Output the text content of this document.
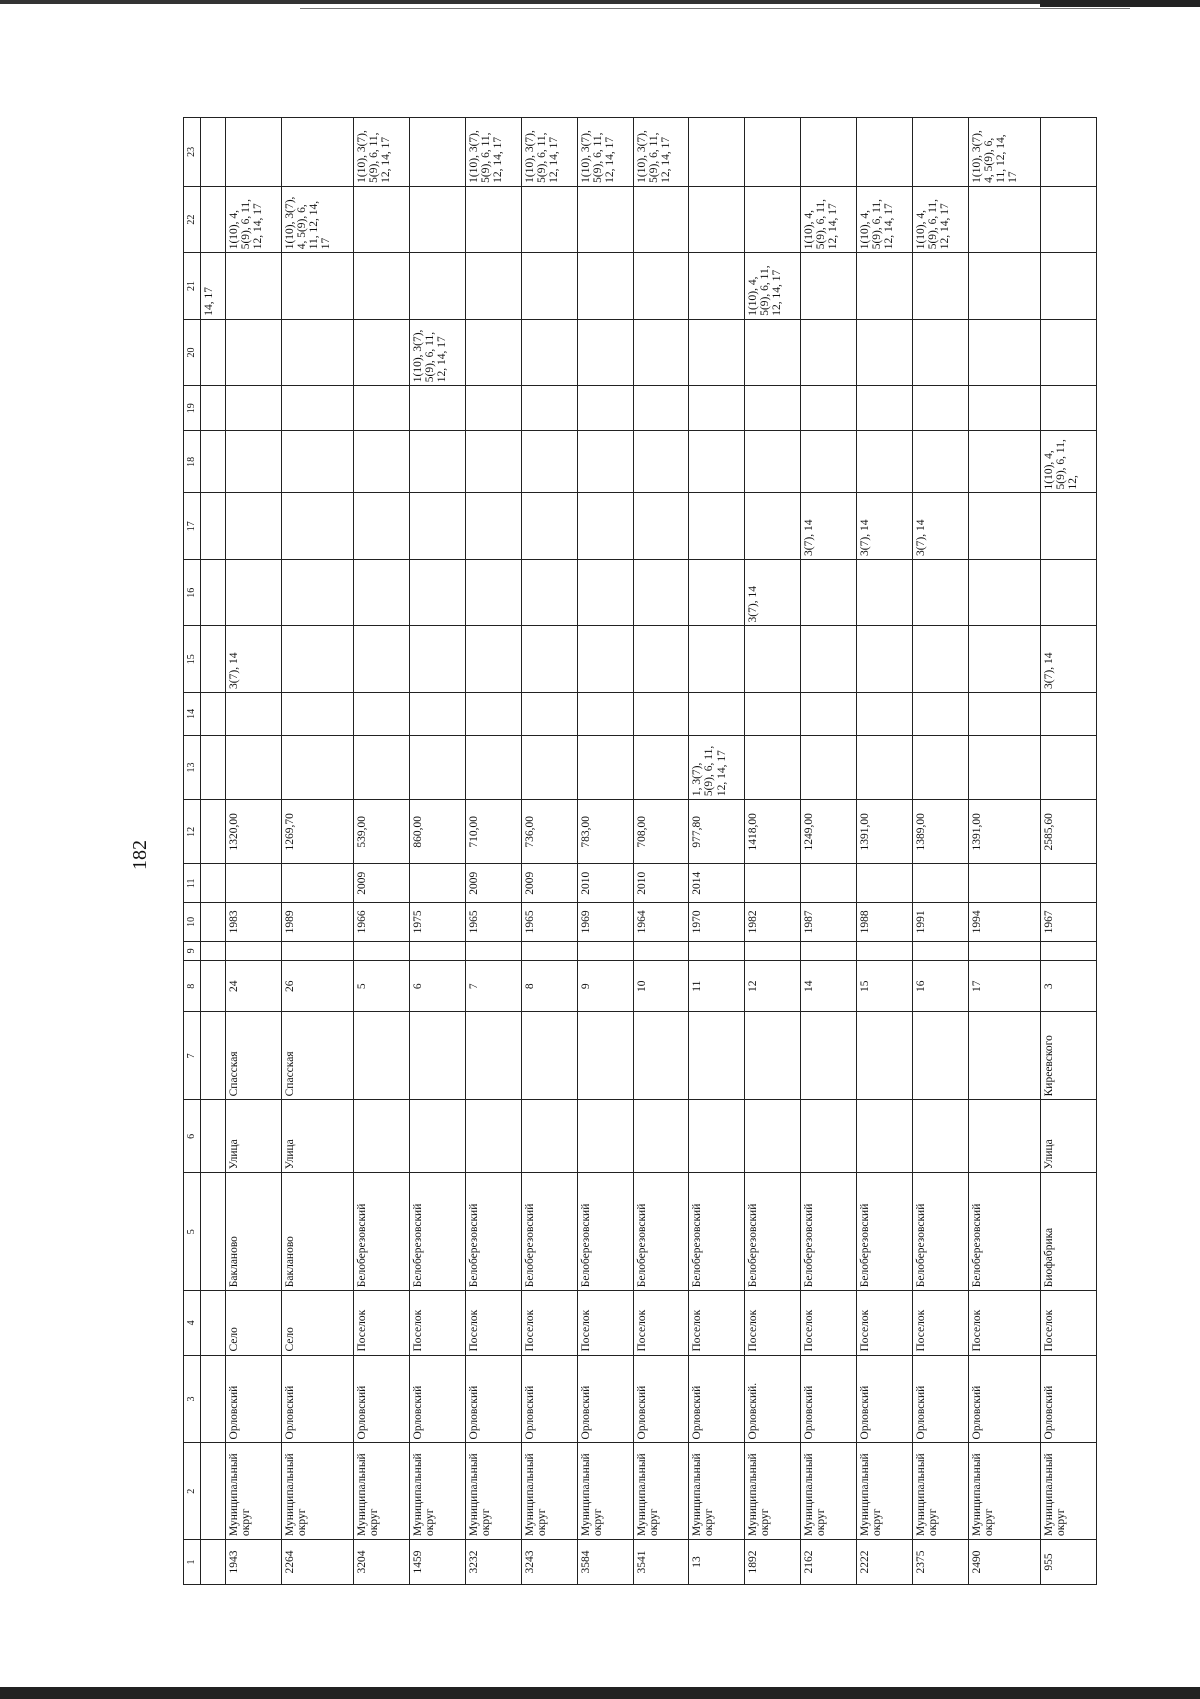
182
1	2	3	4	5	6	7	8	9	10	11	12	13	14	15	16	17	18	19	20	21	22	23
																				14, 17		
1943	Муниципальный округ	Орловский	Село	Бакланово	Улица	Спасская	24		1983		1320,00			3(7), 14							1(10), 4, 5(9), 6, 11, 12, 14, 17	
2264	Муниципальный округ	Орловский	Село	Бакланово	Улица	Спасская	26		1989		1269,70										1(10), 3(7), 4, 5(9), 6, 11, 12, 14, 17	
3204	Муниципальный округ	Орловский	Поселок	Белоберезовский			5		1966	2009	539,00											1(10), 3(7), 5(9), 6, 11, 12, 14, 17
1459	Муниципальный округ	Орловский	Поселок	Белоберезовский			6		1975		860,00								1(10), 3(7), 5(9), 6, 11, 12, 14, 17			
3232	Муниципальный округ	Орловский	Поселок	Белоберезовский			7		1965	2009	710,00											1(10), 3(7), 5(9), 6, 11, 12, 14, 17
3243	Муниципальный округ	Орловский	Поселок	Белоберезовский			8		1965	2009	736,00											1(10), 3(7), 5(9), 6, 11, 12, 14, 17
3584	Муниципальный округ	Орловский	Поселок	Белоберезовский			9		1969	2010	783,00											1(10), 3(7), 5(9), 6, 11, 12, 14, 17
3541	Муниципальный округ	Орловский	Поселок	Белоберезовский			10		1964	2010	708,00											1(10), 3(7), 5(9), 6, 11, 12, 14, 17
13	Муниципальный округ	Орловский	Поселок	Белоберезовский			11		1970	2014	977,80	1, 3(7), 5(9), 6, 11, 12, 14, 17										
1892	Муниципальный округ	Орловский.	Поселок	Белоберезовский			12		1982		1418,00				3(7), 14					1(10), 4, 5(9), 6, 11, 12, 14, 17		
2162	Муниципальный округ	Орловский	Поселок	Белоберезовский			14		1987		1249,00					3(7), 14					1(10), 4, 5(9), 6, 11, 12, 14, 17	
2222	Муниципальный округ	Орловский	Поселок	Белоберезовский			15		1988		1391,00					3(7), 14					1(10), 4, 5(9), 6, 11, 12, 14, 17	
2375	Муниципальный округ	Орловский	Поселок	Белоберезовский			16		1991		1389,00					3(7), 14					1(10), 4, 5(9), 6, 11, 12, 14, 17	
2490	Муниципальный округ	Орловский	Поселок	Белоберезовский			17		1994		1391,00											1(10), 3(7), 4, 5(9), 6, 11, 12, 14, 17
955	Муниципальный округ	Орловский	Поселок	Биофабрика	Улица	Киреевского	3		1967		2585,60			3(7), 14			1(10), 4, 5(9), 6, 11, 12,					
